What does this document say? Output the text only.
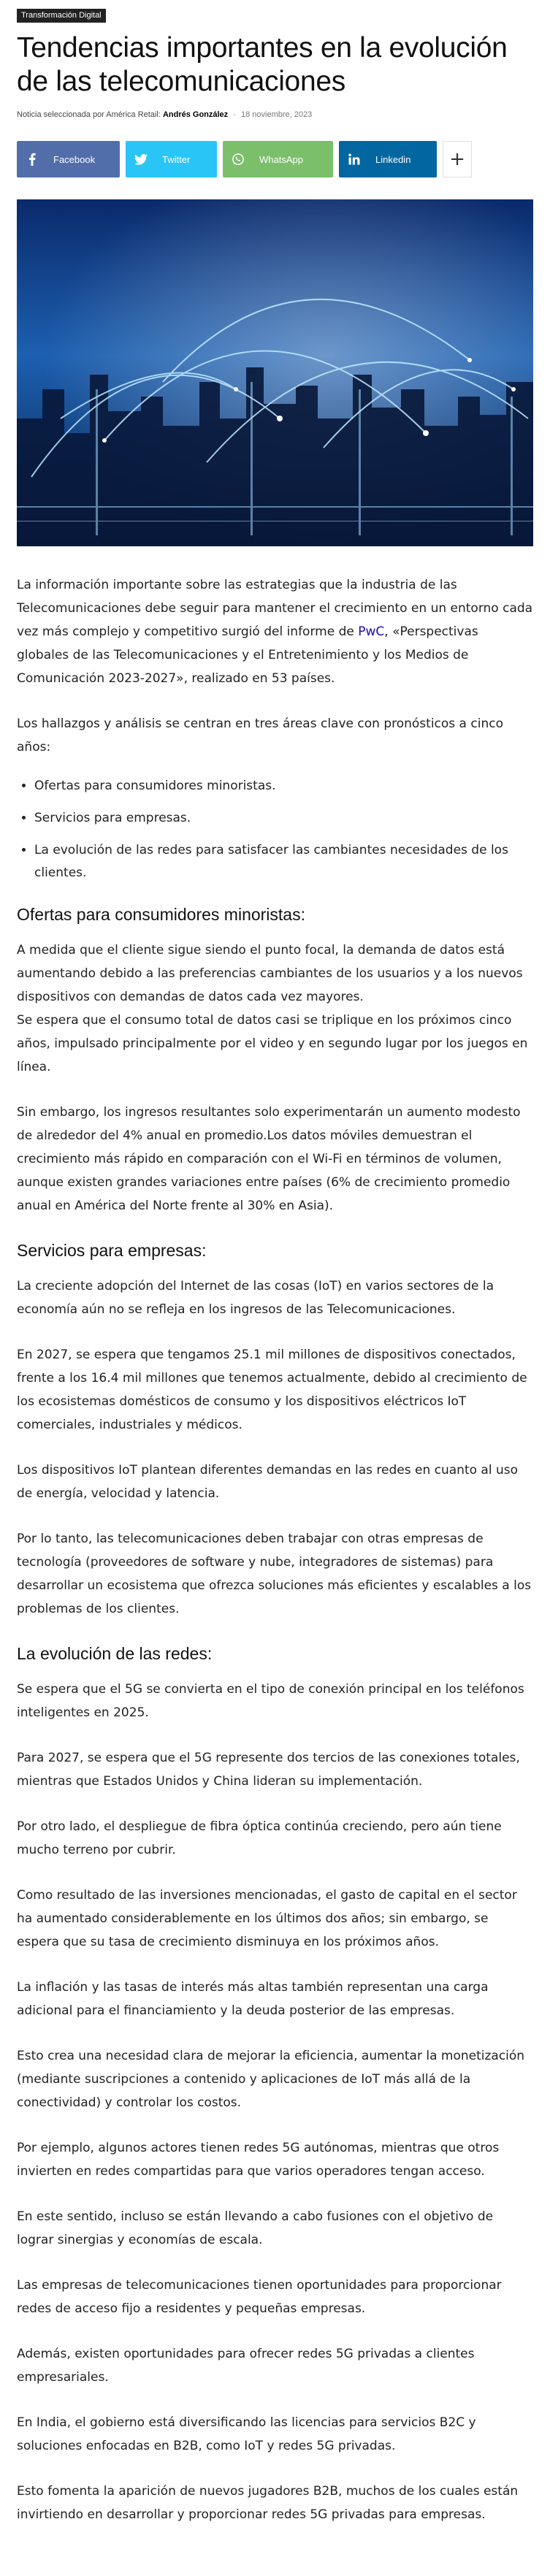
Transformación Digital
Tendencias importantes en la evolución de las telecomunicaciones
Noticia seleccionada por América Retail: Andrés González - 18 noviembre, 2023
Facebook	Twitter	WhatsApp	Linkedin	+

La información importante sobre las estrategias que la industria de las Telecomunicaciones debe seguir para mantener el crecimiento en un entorno cada vez más complejo y competitivo surgió del informe de PwC, «Perspectivas globales de las Telecomunicaciones y el Entretenimiento y los Medios de Comunicación 2023-2027», realizado en 53 países.

Los hallazgos y análisis se centran en tres áreas clave con pronósticos a cinco años:

• Ofertas para consumidores minoristas.
• Servicios para empresas.
• La evolución de las redes para satisfacer las cambiantes necesidades de los clientes.
Ofertas para consumidores minoristas:

A medida que el cliente sigue siendo el punto focal, la demanda de datos está aumentando debido a las preferencias cambiantes de los usuarios y a los nuevos dispositivos con demandas de datos cada vez mayores.
Se espera que el consumo total de datos casi se triplique en los próximos cinco años, impulsado principalmente por el video y en segundo lugar por los juegos en línea.

Sin embargo, los ingresos resultantes solo experimentarán un aumento modesto de alrededor del 4% anual en promedio.Los datos móviles demuestran el crecimiento más rápido en comparación con el Wi-Fi en términos de volumen, aunque existen grandes variaciones entre países (6% de crecimiento promedio anual en América del Norte frente al 30% en Asia).

Servicios para empresas:

La creciente adopción del Internet de las cosas (IoT) en varios sectores de la economía aún no se refleja en los ingresos de las Telecomunicaciones.

En 2027, se espera que tengamos 25.1 mil millones de dispositivos conectados, frente a los 16.4 mil millones que tenemos actualmente, debido al crecimiento de los ecosistemas domésticos de consumo y los dispositivos eléctricos IoT comerciales, industriales y médicos.

Los dispositivos IoT plantean diferentes demandas en las redes en cuanto al uso de energía, velocidad y latencia.

Por lo tanto, las telecomunicaciones deben trabajar con otras empresas de tecnología (proveedores de software y nube, integradores de sistemas) para desarrollar un ecosistema que ofrezca soluciones más eficientes y escalables a los problemas de los clientes.

La evolución de las redes:

Se espera que el 5G se convierta en el tipo de conexión principal en los teléfonos inteligentes en 2025.

Para 2027, se espera que el 5G represente dos tercios de las conexiones totales, mientras que Estados Unidos y China lideran su implementación.

Por otro lado, el despliegue de fibra óptica continúa creciendo, pero aún tiene mucho terreno por cubrir.

Como resultado de las inversiones mencionadas, el gasto de capital en el sector ha aumentado considerablemente en los últimos dos años; sin embargo, se espera que su tasa de crecimiento disminuya en los próximos años.

La inflación y las tasas de interés más altas también representan una carga adicional para el financiamiento y la deuda posterior de las empresas.

Esto crea una necesidad clara de mejorar la eficiencia, aumentar la monetización (mediante suscripciones a contenido y aplicaciones de IoT más allá de la conectividad) y controlar los costos.

Por ejemplo, algunos actores tienen redes 5G autónomas, mientras que otros invierten en redes compartidas para que varios operadores tengan acceso.

En este sentido, incluso se están llevando a cabo fusiones con el objetivo de lograr sinergias y economías de escala.

Las empresas de telecomunicaciones tienen oportunidades para proporcionar redes de acceso fijo a residentes y pequeñas empresas.

Además, existen oportunidades para ofrecer redes 5G privadas a clientes empresariales.

En India, el gobierno está diversificando las licencias para servicios B2C y soluciones enfocadas en B2B, como IoT y redes 5G privadas.

Esto fomenta la aparición de nuevos jugadores B2B, muchos de los cuales están invirtiendo en desarrollar y proporcionar redes 5G privadas para empresas.
